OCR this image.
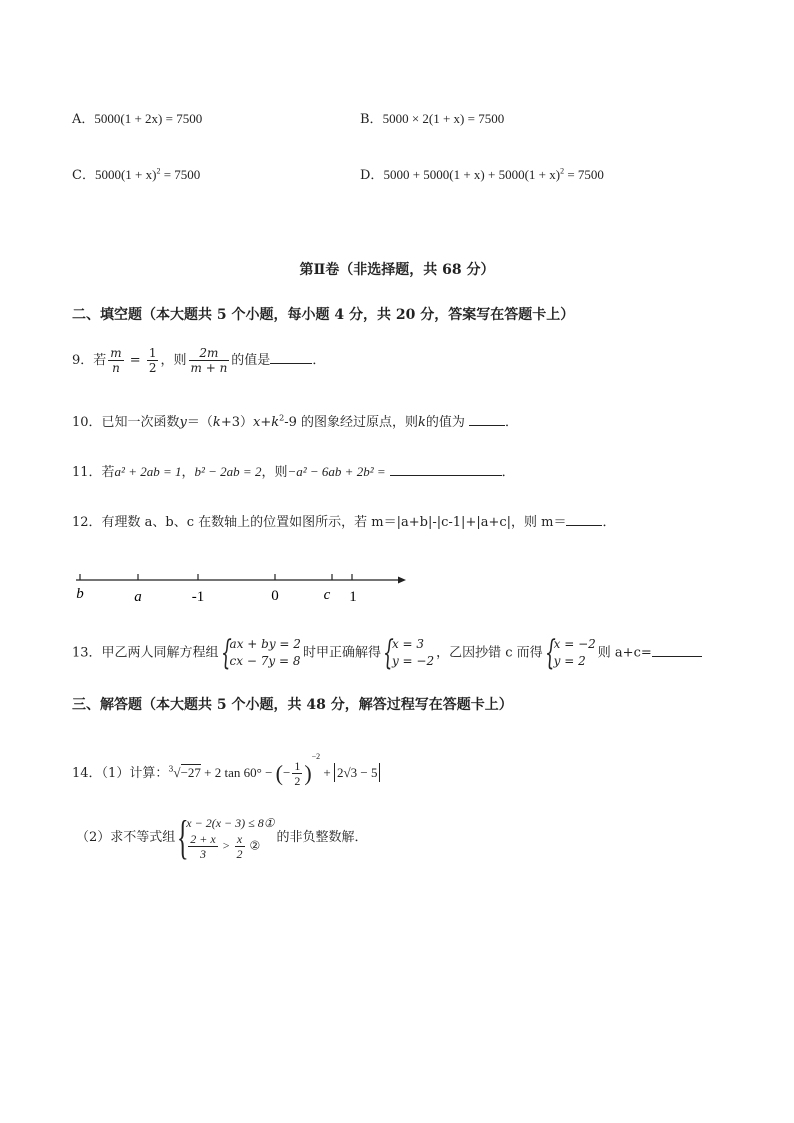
A．5000(1 + 2x) = 7500	B．5000 × 2(1 + x) = 7500
C．$5000(1 + x)^2 = 7500$	D．$5000 + 5000(1 + x) + 5000(1 + x)^2 = 7500$
第Ⅱ卷（非选择题，共 68 分）
二、填空题（本大题共 5 个小题，每小题 4 分，共 20 分，答案写在答题卡上）
9．若 $\frac{m}{n} = \frac{1}{2}$ ，则 $\frac{2m}{m + n}$ 的值是	．
10．已知一次函数$y=(k+3)x+k^2-9$ 的图象经过原点，则k的值为	．
11．若a² + 2ab = 1，b² − 2ab = 2，则−a² − 6ab + 2b² =	．
12．有理数 a、b、c 在数轴上的位置如图所示，若 m＝|a+b|-|c-1|+|a+c|，则 m＝	．
b	a	-1	0	c 1
13．甲乙两人同解方程组 {
ax + by = 2
cx − 7y = 8
时甲正确解得 {
x = 3
y = −2
，乙因抄错 c 而得 {
x = −2
y = 2
则 a+c=
三、解答题（本大题共 5 个小题，共 48 分，解答过程写在答题卡上）
14．（1）计算：$^3$√−27 + 2 tan 60° − (− $\frac{1}{2} )^{-2} + 2√3 - 5$
（2）求不等式组 {
x − 2(x − 3) ≤ 8①
$\frac{2 + x}{3} > \frac{x}{2}$ ②
的非负整数解．
